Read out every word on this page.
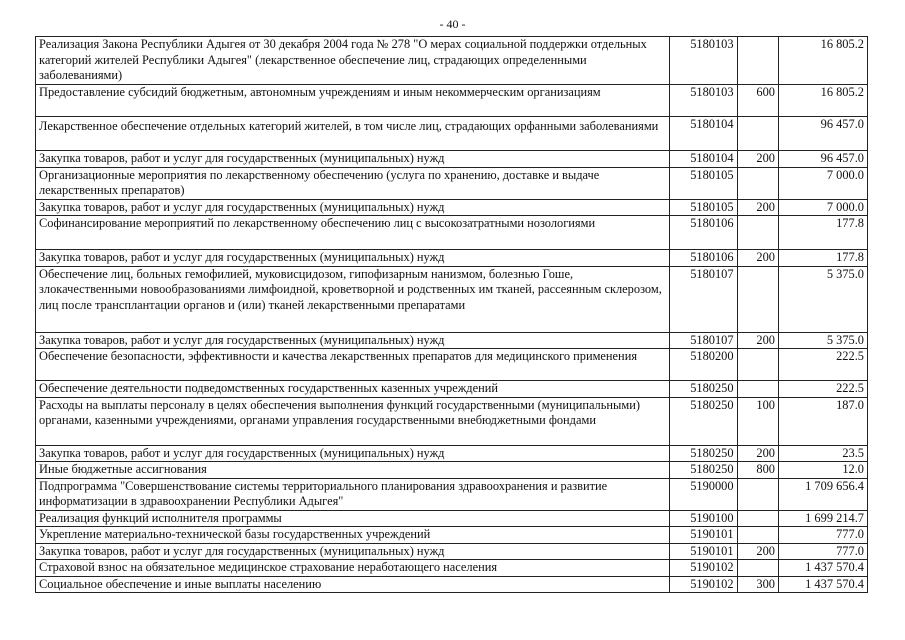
- 40 -
Реализация Закона Республики Адыгея от 30 декабря 2004 года № 278 "О мерах социальной поддержки отдельных категорий жителей Республики Адыгея" (лекарственное обеспечение лиц, страдающих определенными заболеваниями)	5180103		16 805.2
Предоставление субсидий бюджетным, автономным учреждениям и иным некоммерческим организациям	5180103	600	16 805.2
Лекарственное обеспечение отдельных категорий жителей, в том числе лиц, страдающих орфанными заболеваниями	5180104		96 457.0
Закупка товаров, работ и услуг для государственных (муниципальных) нужд	5180104	200	96 457.0
Организационные мероприятия по лекарственному обеспечению (услуга по хранению, доставке и выдаче лекарственных препаратов)	5180105		7 000.0
Закупка товаров, работ и услуг для государственных (муниципальных) нужд	5180105	200	7 000.0
Софинансирование мероприятий по лекарственному обеспечению лиц с высокозатратными нозологиями	5180106		177.8
Закупка товаров, работ и услуг для государственных (муниципальных) нужд	5180106	200	177.8
Обеспечение лиц, больных гемофилией, муковисцидозом, гипофизарным нанизмом, болезнью Гоше, злокачественными новообразованиями лимфоидной, кроветворной и родственных им тканей, рассеянным склерозом, лиц после трансплантации органов и (или) тканей лекарственными препаратами	5180107		5 375.0
Закупка товаров, работ и услуг для государственных (муниципальных) нужд	5180107	200	5 375.0
Обеспечение безопасности, эффективности и качества лекарственных препаратов для медицинского применения	5180200		222.5
Обеспечение деятельности подведомственных государственных казенных учреждений	5180250		222.5
Расходы на выплаты персоналу в целях обеспечения выполнения функций государственными (муниципальными) органами, казенными учреждениями, органами управления государственными внебюджетными фондами	5180250	100	187.0
Закупка товаров, работ и услуг для государственных (муниципальных) нужд	5180250	200	23.5
Иные бюджетные ассигнования	5180250	800	12.0
Подпрограмма "Совершенствование системы территориального планирования здравоохранения и развитие информатизации в здравоохранении Республики Адыгея"	5190000		1 709 656.4
Реализация функций исполнителя программы	5190100		1 699 214.7
Укрепление материально-технической базы государственных учреждений	5190101		777.0
Закупка товаров, работ и услуг для государственных (муниципальных) нужд	5190101	200	777.0
Страховой взнос на обязательное медицинское страхование неработающего населения	5190102		1 437 570.4
Социальное обеспечение и иные выплаты населению	5190102	300	1 437 570.4
